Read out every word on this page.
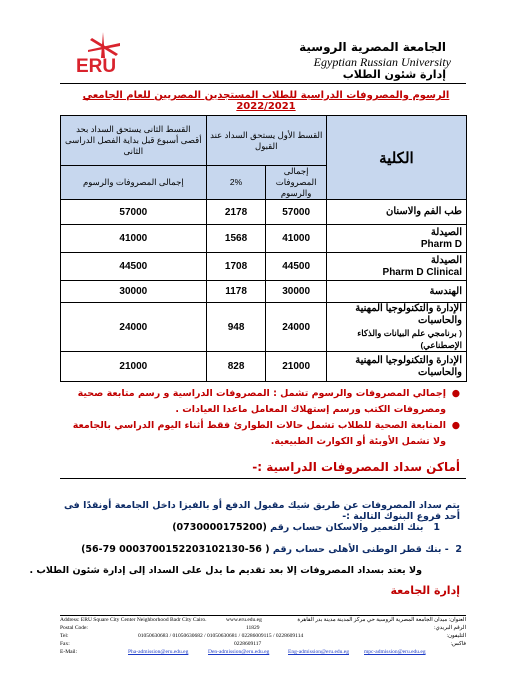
ERU
الجامعة المصرية الروسية
Egyptian Russian University
إدارة شئون الطلاب
الرسوم والمصروفات الدراسية للطلاب المستجدين المصريين للعام الجامعي 2022/2021
الكلية	القسط الأول يستحق السداد عند القبول		القسط الثانى يستحق السداد بحد أقصى أسبوع قبل بداية الفصل الدراسى الثانى
	إجمالى المصروفات والرسوم	2%	إجمالى المصروفات والرسوم
طب الفم والاسنان	57000	2178	57000

الصيدلة
Pharm D	41000	1568	41000

الصيدلة
Pharm D Clinical	44500	1708	44500
الهندسة	30000	1178	30000

الإدارة والتكنولوجيا المهنية والحاسبات
( برنامجي علم البيانات والذكاء الإصطناعي)	24000	948	24000
الإدارة والتكنولوجيا المهنية والحاسبات	21000	828	21000
●
إجمالي المصروفات والرسوم تشمل : المصروفات الدراسية و رسم متابعة صحية ومصروفات الكتب ورسم إستهلاك المعامل ماعدا العيادات .
●
المتابعة الصحية للطلاب تشمل حالات الطوارئ فقط أثناء اليوم الدراسي بالجامعة ولا تشمل الأوبئة أو الكوارث الطبيعية.
أماكن سداد المصروفات الدراسية :-
يتم سداد المصروفات عن طريق شيك مقبول الدفع أو بالفيزا داخل الجامعة أونقدًا فى أحد فروع البنوك التالية :-
1   بنك التعمير والاسكان حساب رقم (0730000175200)
2  - بنك قطر الوطنى الأهلى حساب رقم ( 56-0003700152203102130 79-56)
ولا يعتد بسداد المصروفات إلا بعد تقديم ما يدل على السداد إلى إدارة شئون الطلاب .
إدارة الجامعة
Address: ERU Square City Center Neighborhood Badr City Cairo.	www.eru.edu.eg	العنوان: ميدان الجامعة المصرية الروسية حي مركز المدينة مدينة بدر القاهرة
Postal Code:	11829	الرقم البريدي:
Tel:	01050630683 / 01050630682 / 01050630681 / 02286009115 / 0228609114	التليفون:
Fax:	0228609117	فاكس:
E-Mail:	Pha-admission@eru.edu.eg	Den-admission@eru.edu.eg	Eng-admission@eru.edu.eg	mpc-admission@eru.edu.eg
